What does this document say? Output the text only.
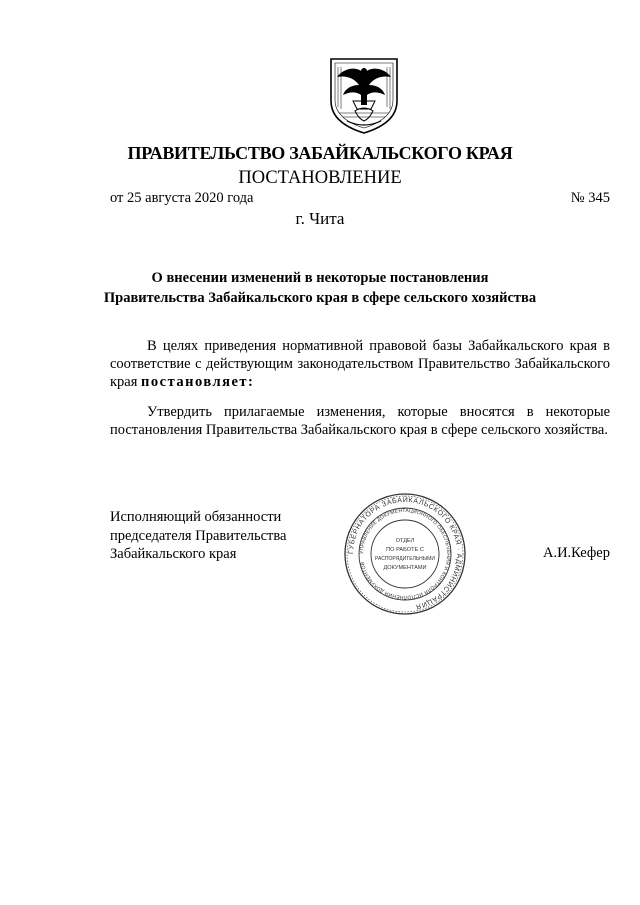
ПРАВИТЕЛЬСТВО ЗАБАЙКАЛЬСКОГО КРАЯ
ПОСТАНОВЛЕНИЕ
от 25 августа 2020 года	№ 345
г. Чита
О внесении изменений в некоторые постановления Правительства Забайкальского края в сфере сельского хозяйства
В целях приведения нормативной правовой базы Забайкальского края в соответствие с действующим законодательством Правительство Забайкальского края постановляет:
Утвердить прилагаемые изменения, которые вносятся в некоторые постановления Правительства Забайкальского края в сфере сельского хозяйства.
Исполняющий обязанности
председателя Правительства
Забайкальского края	А.И.Кефер
ГУБЕРНАТОРА ЗАБАЙКАЛЬСКОГО КРАЯ · АДМИНИСТРАЦИЯ
УПРАВЛЕНИЕ ДОКУМЕНТАЦИОННОГО ОБЕСПЕЧЕНИЯ И КОНТРОЛЯ ИСПОЛНЕНИЯ ДОКУМЕНТОВ
ОТДЕЛ
ПО РАБОТЕ С
РАСПОРЯДИТЕЛЬНЫМИ
ДОКУМЕНТАМИ
